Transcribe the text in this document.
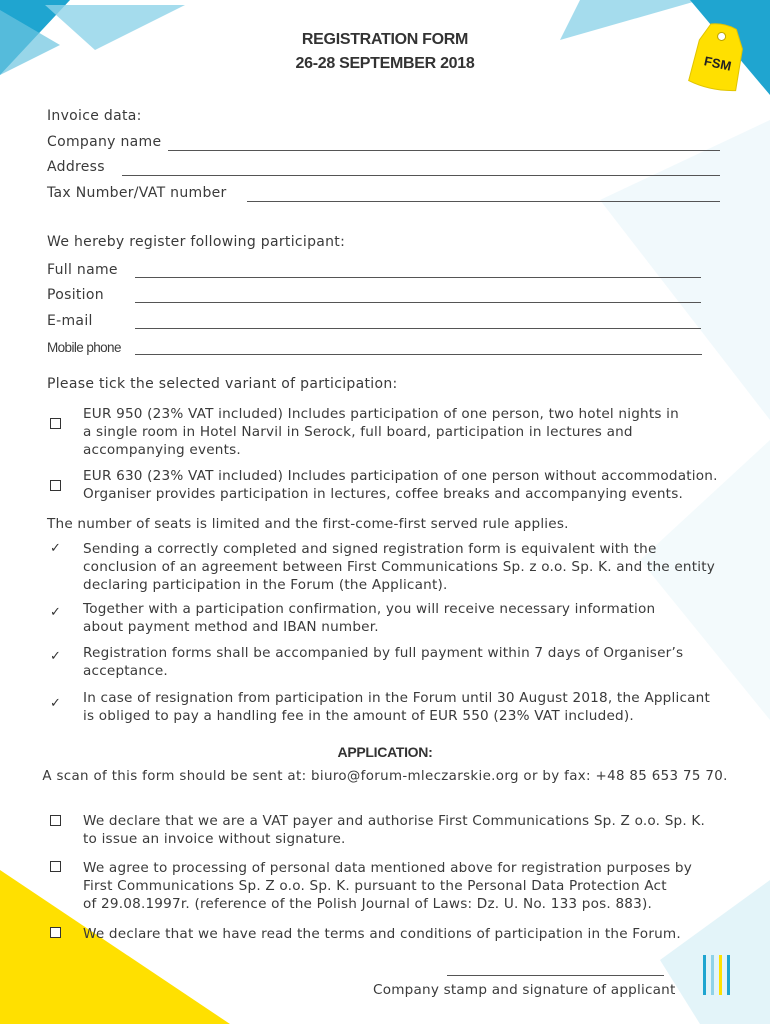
FSM
REGISTRATION FORM
26-28 SEPTEMBER 2018
Invoice data:
Company name
Address
Tax Number/VAT number
We hereby register following participant:
Full name
Position
E-mail
Mobile phone
Please tick the selected variant of participation:
EUR 950 (23% VAT included) Includes participation of one person, two hotel nights in
a single room in Hotel Narvil in Serock, full board, participation in lectures and
accompanying events.
EUR 630 (23% VAT included) Includes participation of one person without accommodation.
Organiser provides participation in lectures, coffee breaks and accompanying events.
The number of seats is limited and the first-come-first served rule applies.
✓ Sending a correctly completed and signed registration form is equivalent with the
conclusion of an agreement between First Communications Sp. z o.o. Sp. K. and the entity
declaring participation in the Forum (the Applicant).
✓ Together with a participation confirmation, you will receive necessary information
about payment method and IBAN number.
✓ Registration forms shall be accompanied by full payment within 7 days of Organiser’s
acceptance.
✓ In case of resignation from participation in the Forum until 30 August 2018, the Applicant
is obliged to pay a handling fee in the amount of EUR 550 (23% VAT included).
APPLICATION:
A scan of this form should be sent at: biuro@forum-mleczarskie.org or by fax: +48 85 653 75 70.
We declare that we are a VAT payer and authorise First Communications Sp. Z o.o. Sp. K.
to issue an invoice without signature.
We agree to processing of personal data mentioned above for registration purposes by
First Communications Sp. Z o.o. Sp. K. pursuant to the Personal Data Protection Act
of 29.08.1997r. (reference of the Polish Journal of Laws: Dz. U. No. 133 pos. 883).
We declare that we have read the terms and conditions of participation in the Forum.
Company stamp and signature of applicant
